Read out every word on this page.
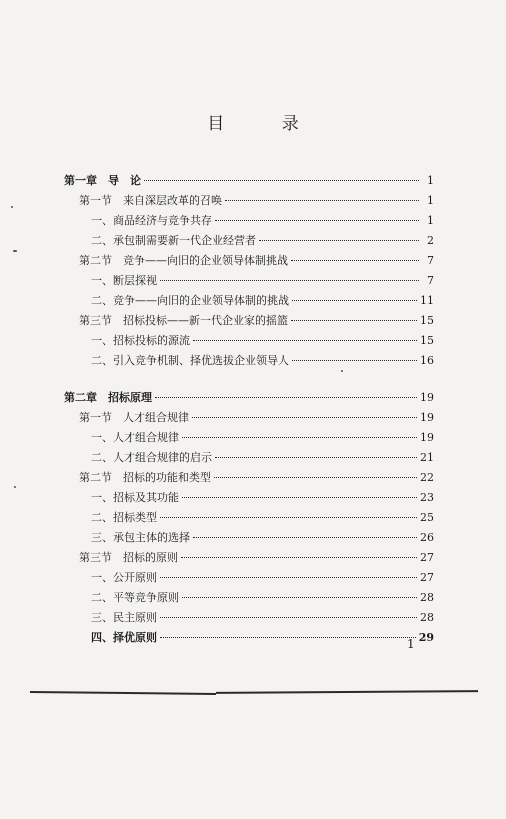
目 录
第一章　导　论	1
第一节　来自深层改革的召唤	1
一、商品经济与竞争共存	1
二、承包制需要新一代企业经营者	2
第二节　竞争——向旧的企业领导体制挑战	7
一、断层探视	7
二、竞争——向旧的企业领导体制的挑战	11
第三节　招标投标——新一代企业家的摇篮	15
一、招标投标的源流	15
二、引入竞争机制、择优选拔企业领导人	16
第二章　招标原理	19
第一节　人才组合规律	19
一、人才组合规律	19
二、人才组合规律的启示	21
第二节　招标的功能和类型	22
一、招标及其功能	23
二、招标类型	25
三、承包主体的选择	26
第三节　招标的原则	27
一、公开原则	27
二、平等竞争原则	28
三、民主原则	28
四、择优原则	29
1
